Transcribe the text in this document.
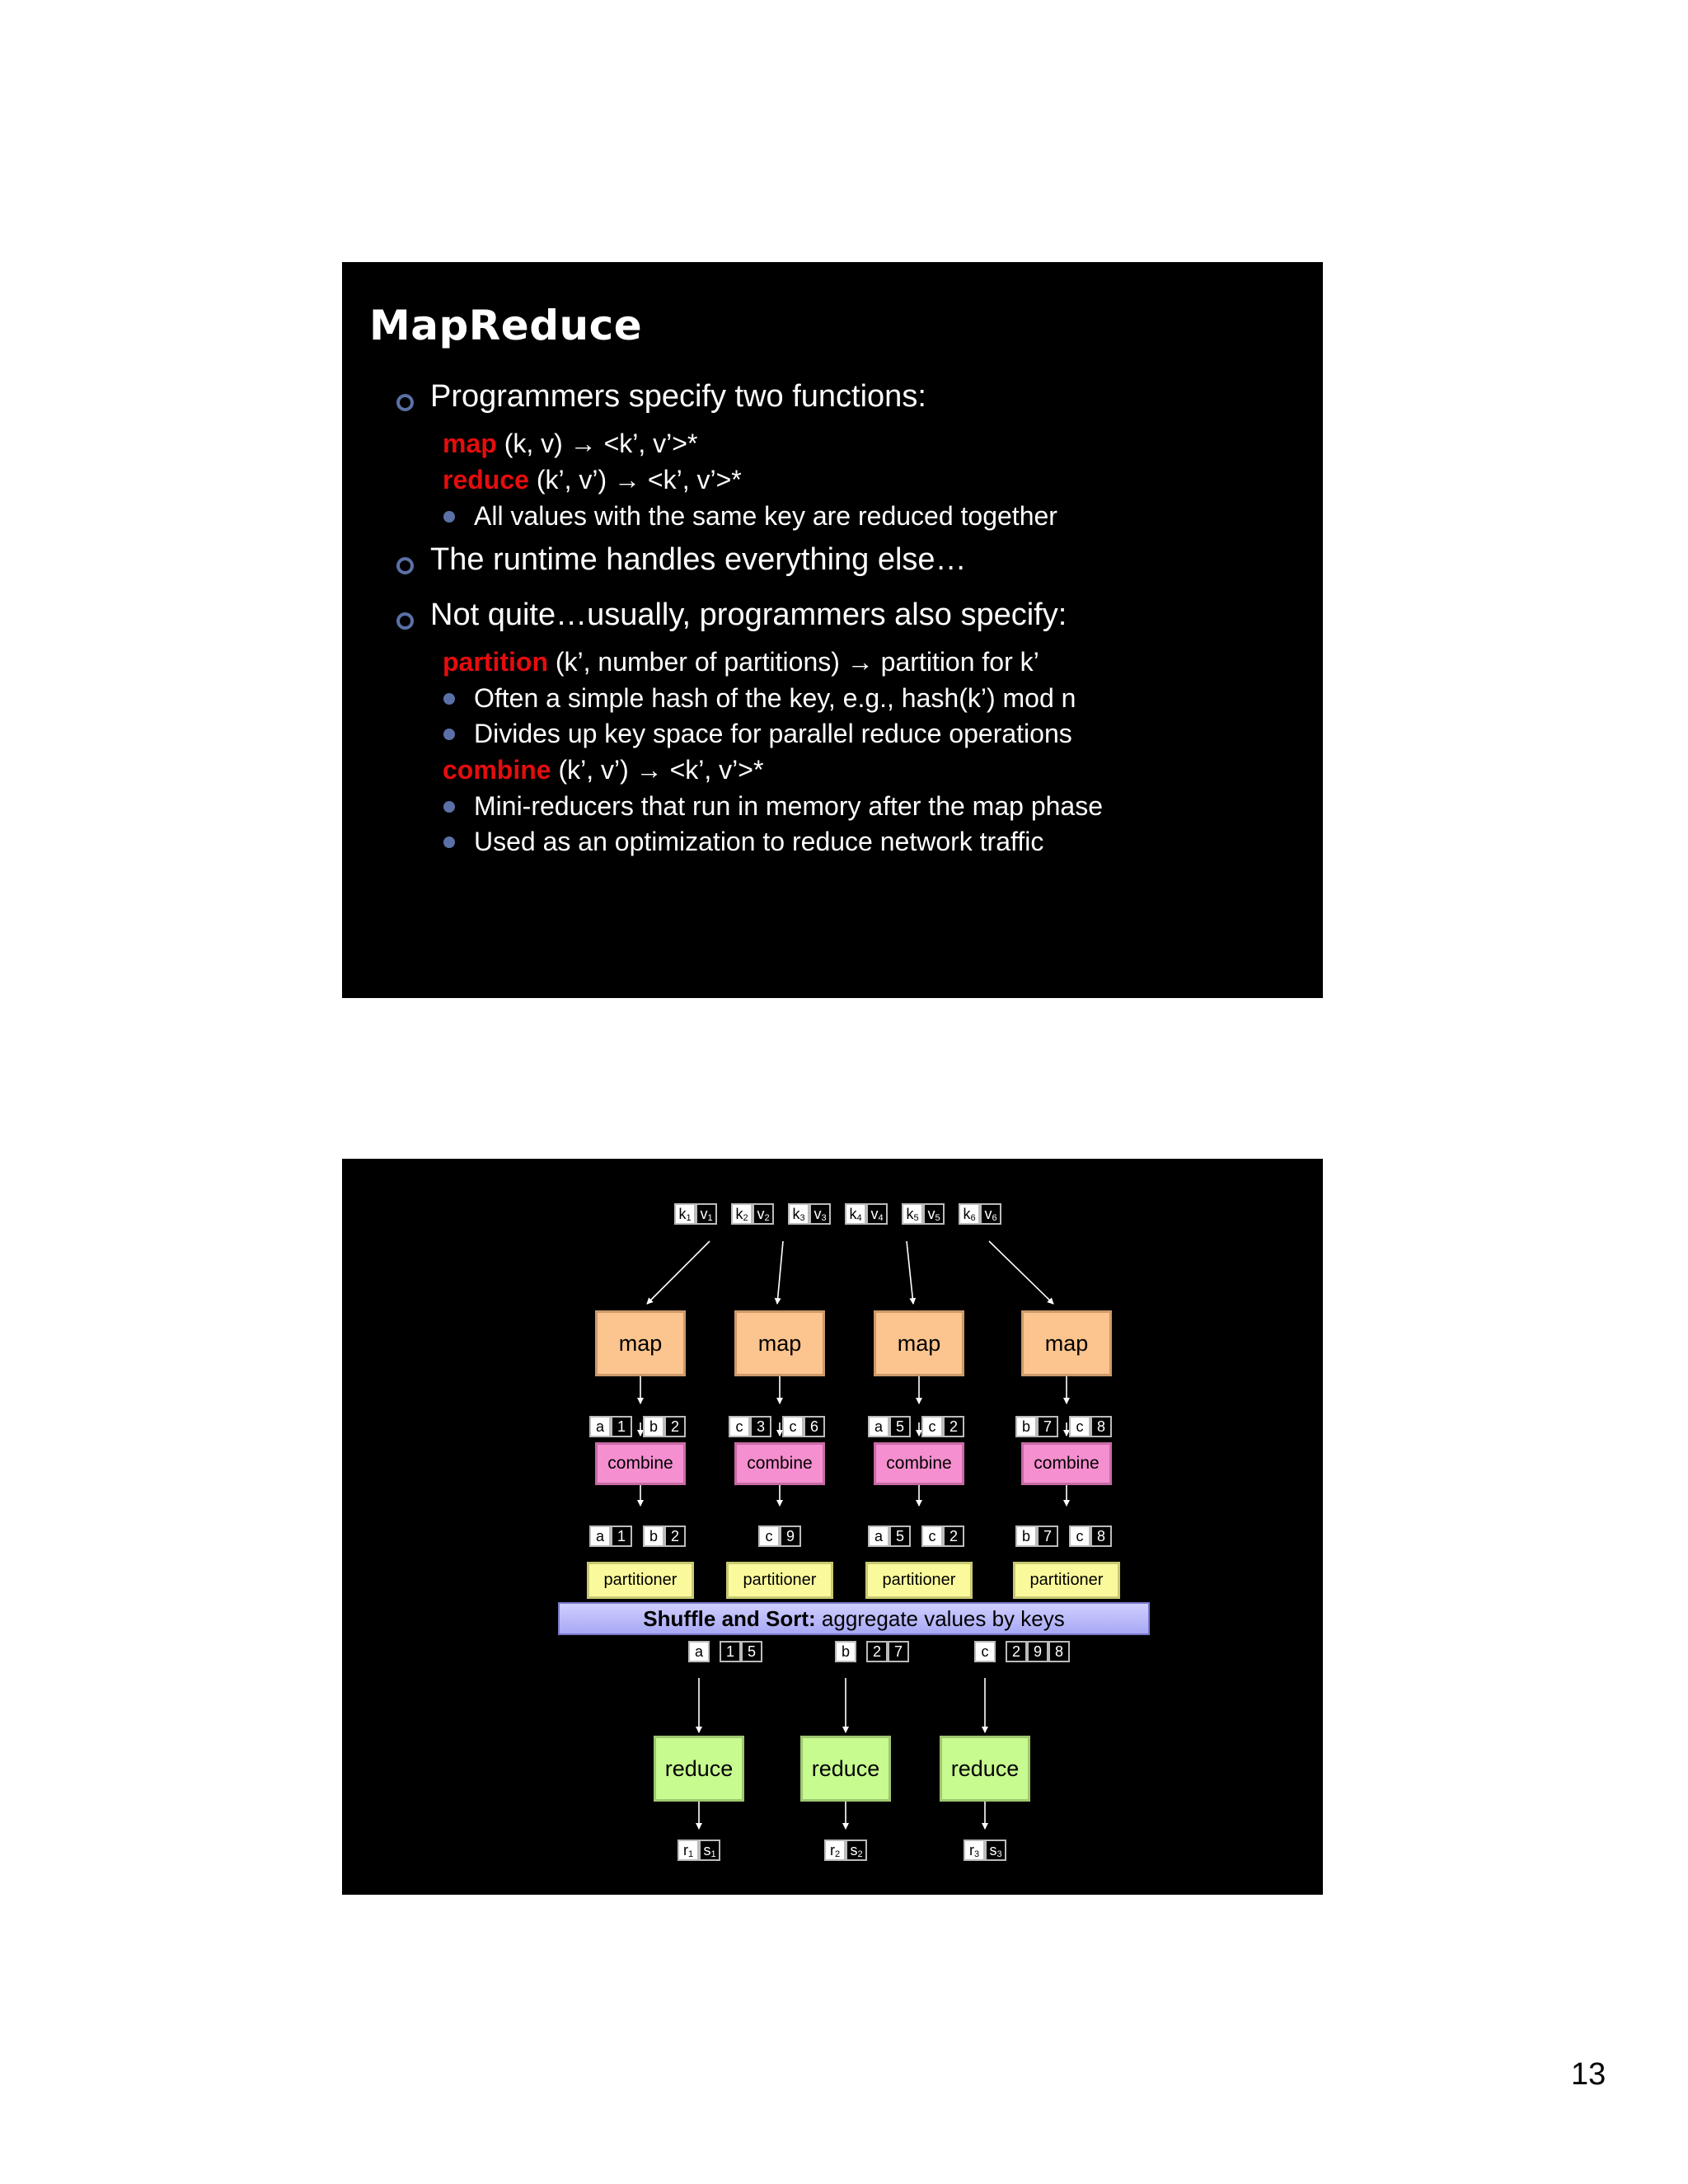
MapReduce
Programmers specify two functions:
map (k, v) → <k’, v’>*
reduce (k’, v’) → <k’, v’>*
All values with the same key are reduced together
The runtime handles everything else…
Not quite…usually, programmers also specify:
partition (k’, number of partitions) → partition for k’
Often a simple hash of the key, e.g., hash(k’) mod n
Divides up key space for parallel reduce operations
combine (k’, v’) → <k’, v’>*
Mini-reducers that run in memory after the map phase
Used as an optimization to reduce network traffic
$k_1$ $v_1$	$k_2$ $v_2$	$k_3$ $v_3$	$k_4$ $v_4$	$k_5$ $v_5$	$k_6$ $v_6$
map	map	map	map
a 1	b 2	c 3	c 6	a 5	c 2	b 7	c 8
combine	combine	combine	combine
a 1	b 2	c 9	a 5	c 2	b 7	c 8
partitioner	partitioner	partitioner	partitioner
Shuffle and Sort: aggregate values by keys
a	1 5	b	2 7	c	2 9 8
reduce	reduce	reduce
$r_1$ $s_1$	$r_2$ $s_2$	$r_3$ $s_3$
13
